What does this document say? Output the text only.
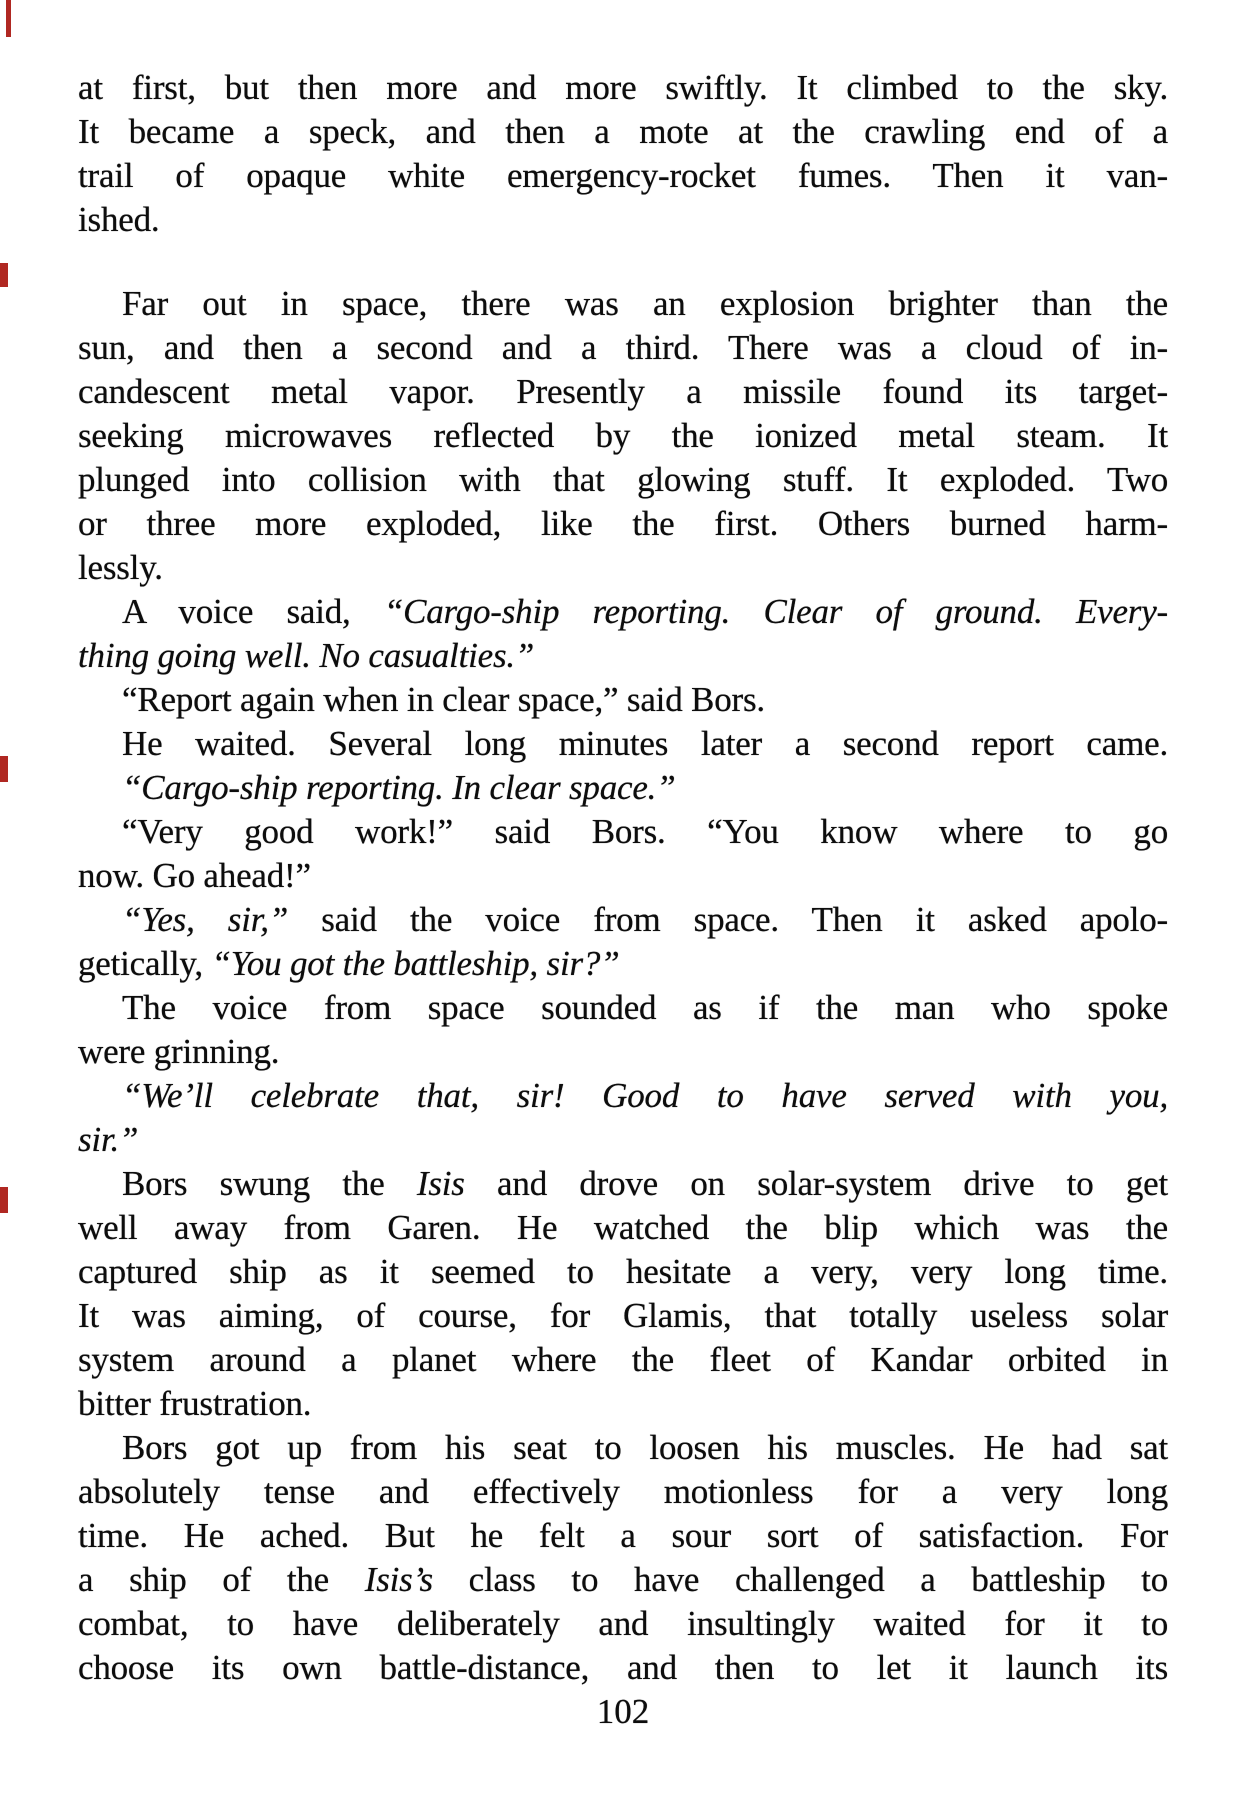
at first, but then more and more swiftly. It climbed to the sky.
It became a speck, and then a mote at the crawling end of a
trail of opaque white emergency-rocket fumes. Then it van-
ished.
Far out in space, there was an explosion brighter than the
sun, and then a second and a third. There was a cloud of in-
candescent metal vapor. Presently a missile found its target-
seeking microwaves reflected by the ionized metal steam. It
plunged into collision with that glowing stuff. It exploded. Two
or three more exploded, like the first. Others burned harm-
lessly.
A voice said, “Cargo-ship reporting. Clear of ground. Every-
thing going well. No casualties.”
“Report again when in clear space,” said Bors.
He waited. Several long minutes later a second report came.
“Cargo-ship reporting. In clear space.”
“Very good work!” said Bors. “You know where to go
now. Go ahead!”
“Yes, sir,” said the voice from space. Then it asked apolo-
getically, “You got the battleship, sir?”
The voice from space sounded as if the man who spoke
were grinning.
“We’ll celebrate that, sir! Good to have served with you,
sir.”
Bors swung the Isis and drove on solar-system drive to get
well away from Garen. He watched the blip which was the
captured ship as it seemed to hesitate a very, very long time.
It was aiming, of course, for Glamis, that totally useless solar
system around a planet where the fleet of Kandar orbited in
bitter frustration.
Bors got up from his seat to loosen his muscles. He had sat
absolutely tense and effectively motionless for a very long
time. He ached. But he felt a sour sort of satisfaction. For
a ship of the Isis’s class to have challenged a battleship to
combat, to have deliberately and insultingly waited for it to
choose its own battle-distance, and then to let it launch its
102
